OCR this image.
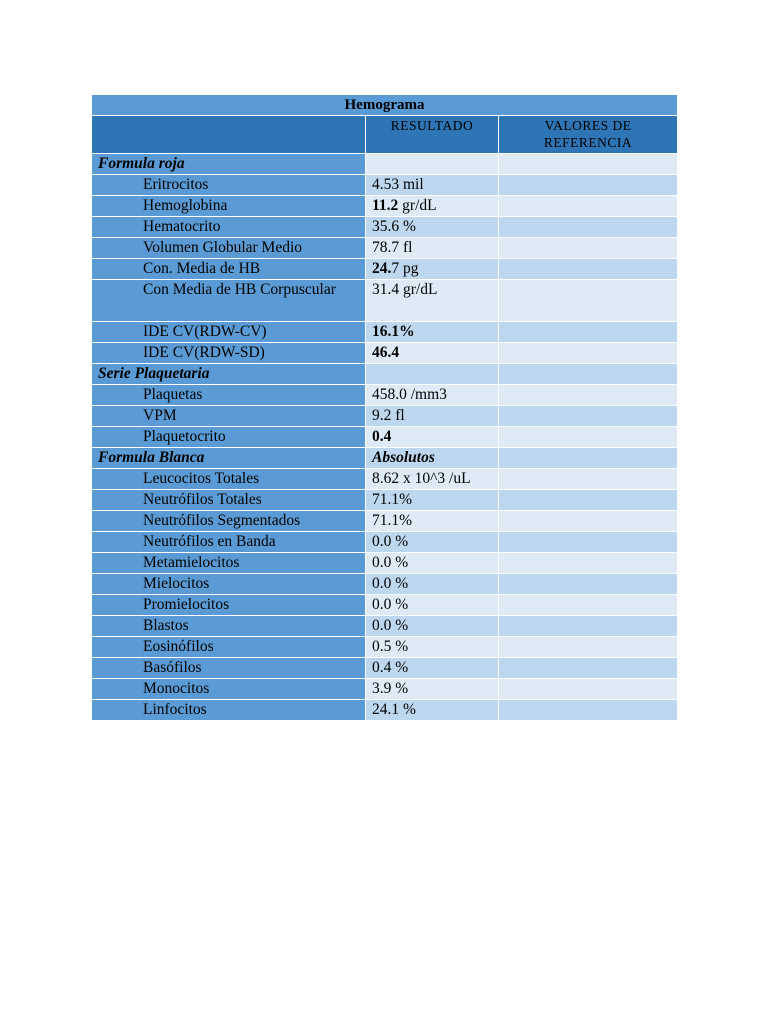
Hemograma		
	RESULTADO	VALORES DE REFERENCIA
Formula roja		
Eritrocitos	4.53 mil	
Hemoglobina	11.2 gr/dL	
Hematocrito	35.6 %	
Volumen Globular Medio	78.7 fl	
Con. Media de HB	24.7 pg	
Con Media de HB Corpuscular	31.4 gr/dL	
IDE CV(RDW-CV)	16.1%	
IDE CV(RDW-SD)	46.4	
Serie Plaquetaria		
Plaquetas	458.0 /mm3	
VPM	9.2 fl	
Plaquetocrito	0.4	
Formula Blanca	Absolutos	
Leucocitos Totales	8.62 x 10^3 /uL	
Neutrófilos Totales	71.1%	
Neutrófilos Segmentados	71.1%	
Neutrófilos en Banda	0.0 %	
Metamielocitos	0.0 %	
Mielocitos	0.0 %	
Promielocitos	0.0 %	
Blastos	0.0 %	
Eosinófilos	0.5 %	
Basófilos	0.4 %	
Monocitos	3.9 %	
Linfocitos	24.1 %	
